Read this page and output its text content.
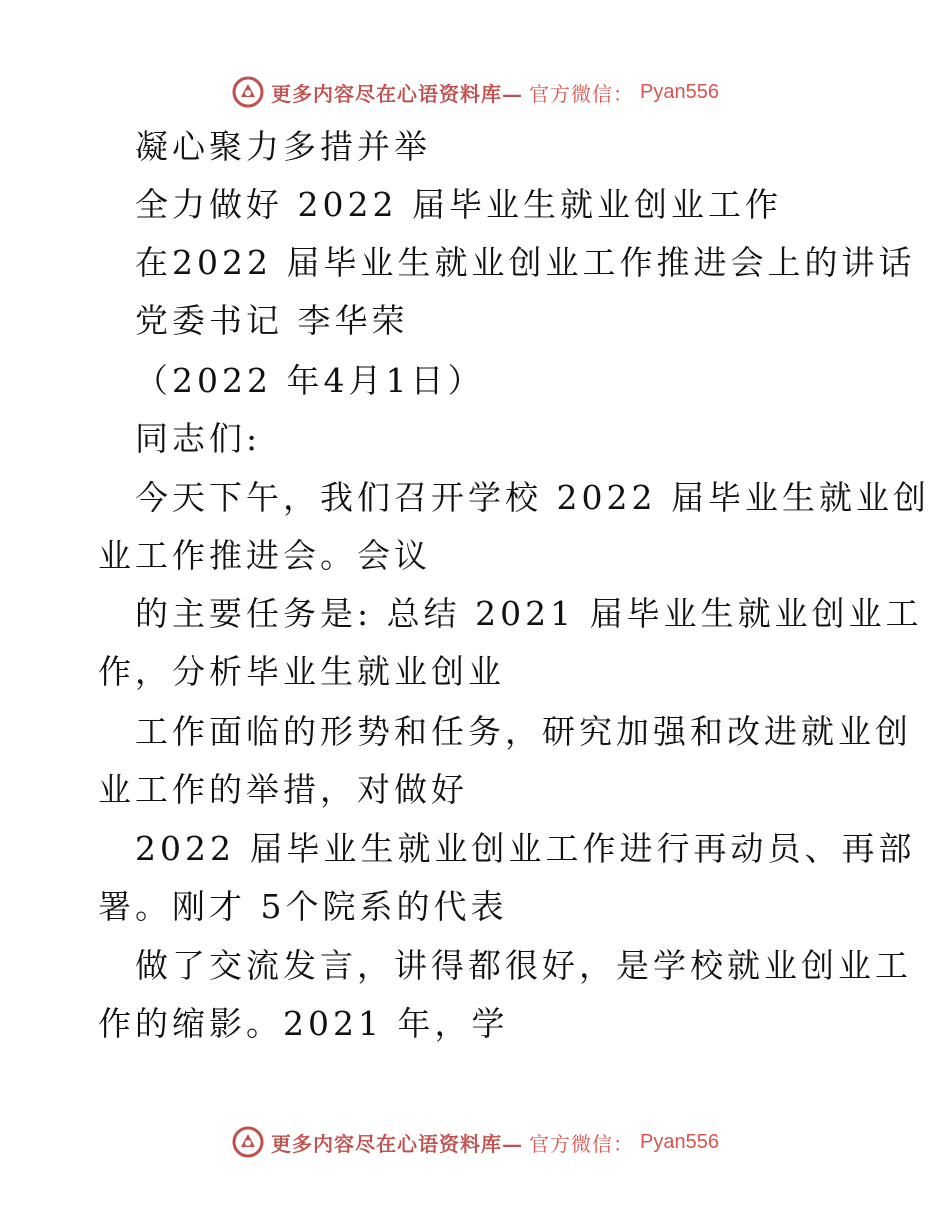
更多内容尽在心语资料库— 官方微信： Pyan556
凝心聚力多措并举
全力做好 2022 届毕业生就业创业工作
在2022 届毕业生就业创业工作推进会上的讲话
党委书记 李华荣
（2022 年4月1日）
同志们:
今天下午，我们召开学校 2022 届毕业生就业创
业工作推进会。会议
的主要任务是: 总结 2021 届毕业生就业创业工
作，分析毕业生就业创业
工作面临的形势和任务，研究加强和改进就业创
业工作的举措，对做好
2022 届毕业生就业创业工作进行再动员、再部
署。刚才 5个院系的代表
做了交流发言，讲得都很好，是学校就业创业工
作的缩影。2021 年，学
更多内容尽在心语资料库— 官方微信： Pyan556
